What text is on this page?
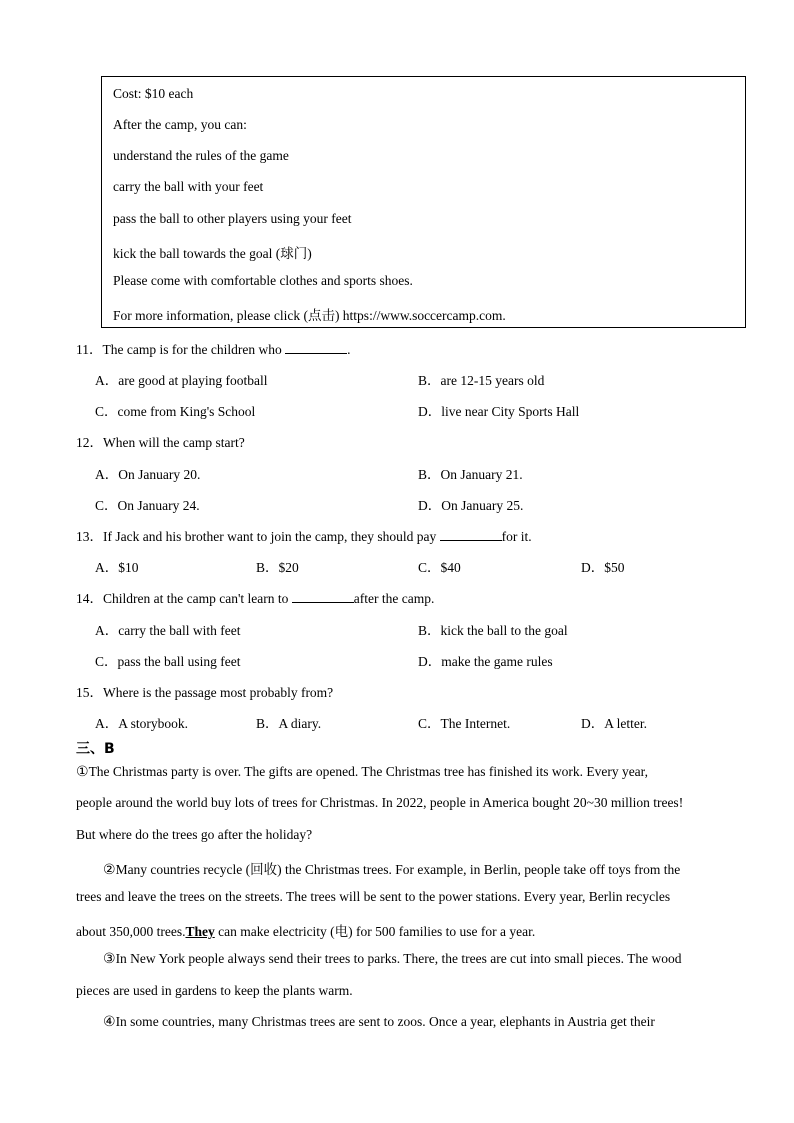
Cost: $10 each
After the camp, you can:
understand the rules of the game
carry the ball with your feet
pass the ball to other players using your feet
kick the ball towards the goal (球门)
Please come with comfortable clothes and sports shoes.
For more information, please click (点击) https://www.soccercamp.com.
11．The camp is for the children who	.
A．are good at playing football	B．are 12-15 years old
C．come from King's School	D．live near City Sports Hall
12．When will the camp start?
A．On January 20.	B．On January 21.
C．On January 24.	D．On January 25.
13．If Jack and his brother want to join the camp, they should pay	for it.
A．$10	B．$20	C．$40	D．$50
14．Children at the camp can't learn to	after the camp.
A．carry the ball with feet	B．kick the ball to the goal
C．pass the ball using feet	D．make the game rules
15．Where is the passage most probably from?
A．A storybook.	B．A diary.	C．The Internet.	D．A letter.
三、B
①The Christmas party is over. The gifts are opened. The Christmas tree has finished its work. Every year,
people around the world buy lots of trees for Christmas. In 2022, people in America bought 20~30 million trees!
But where do the trees go after the holiday?
②Many countries recycle (回收) the Christmas trees. For example, in Berlin, people take off toys from the
trees and leave the trees on the streets. The trees will be sent to the power stations. Every year, Berlin recycles
about 350,000 trees.They can make electricity (电) for 500 families to use for a year.
③In New York people always send their trees to parks. There, the trees are cut into small pieces. The wood
pieces are used in gardens to keep the plants warm.
④In some countries, many Christmas trees are sent to zoos. Once a year, elephants in Austria get their
